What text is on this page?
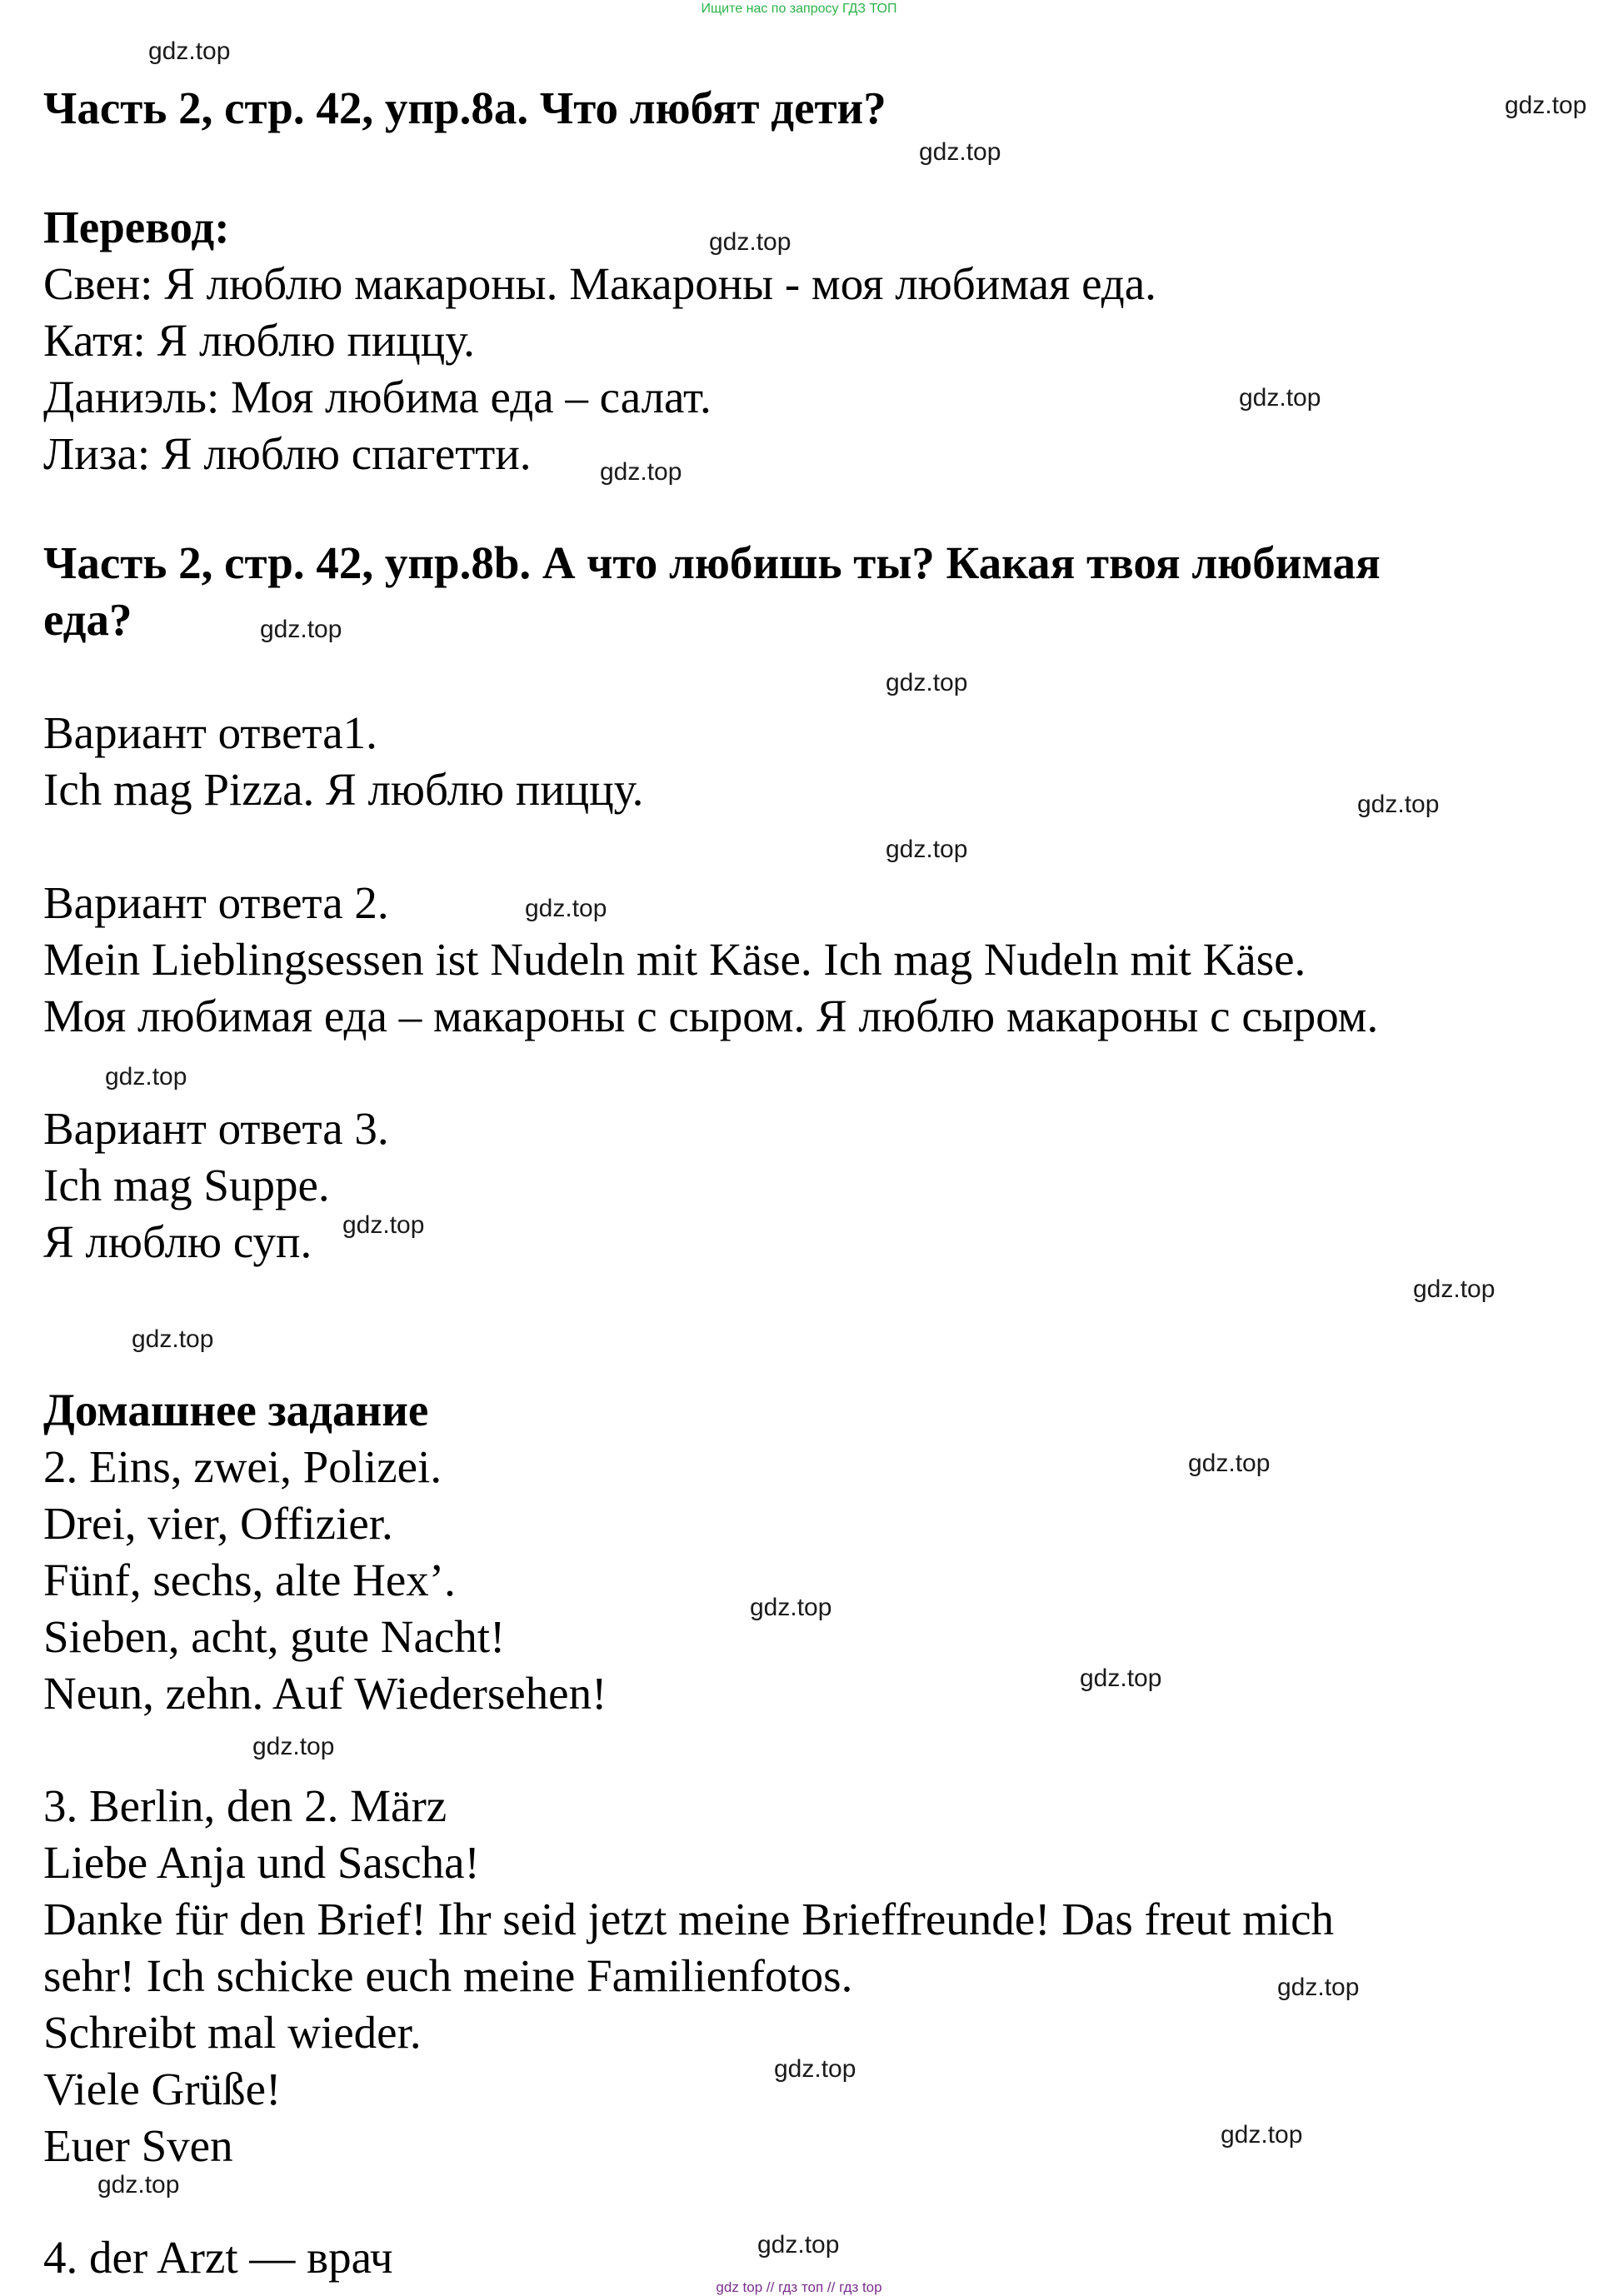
Ищите нас по запросу ГДЗ ТОП
Часть 2, стр. 42, упр.8a. Что любят дети?
Перевод:
Свен: Я люблю макароны. Макароны - моя любимая еда.
Катя: Я люблю пиццу.
Даниэль: Моя любима еда – салат.
Лиза: Я люблю спагетти.
Часть 2, стр. 42, упр.8b. А что любишь ты? Какая твоя любимая
еда?
Вариант ответа1.
Ich mag Pizza. Я люблю пиццу.
Вариант ответа 2.
Mein Lieblingsessen ist Nudeln mit Käse. Ich mag Nudeln mit Käse.
Моя любимая еда – макароны с сыром. Я люблю макароны с сыром.
Вариант ответа 3.
Ich mag Suppe.
Я люблю суп.
Домашнее задание
2. Eins, zwei, Polizei.
Drei, vier, Offizier.
Fünf, sechs, alte Hex’.
Sieben, acht, gute Nacht!
Neun, zehn. Auf Wiedersehen!
3. Berlin, den 2. März
Liebe Anja und Sascha!
Danke für den Brief! Ihr seid jetzt meine Brieffreunde! Das freut mich
sehr! Ich schicke euch meine Familienfotos.
Schreibt mal wieder.
Viele Grüße!
Euer Sven
4. der Arzt — врач
gdz.top
gdz.top
gdz.top
gdz.top
gdz.top
gdz.top
gdz.top
gdz.top
gdz.top
gdz.top
gdz.top
gdz.top
gdz.top
gdz.top
gdz.top
gdz.top
gdz.top
gdz.top
gdz.top
gdz.top
gdz.top
gdz.top
gdz.top
gdz.top
gdz top // гдз топ // гдз top
